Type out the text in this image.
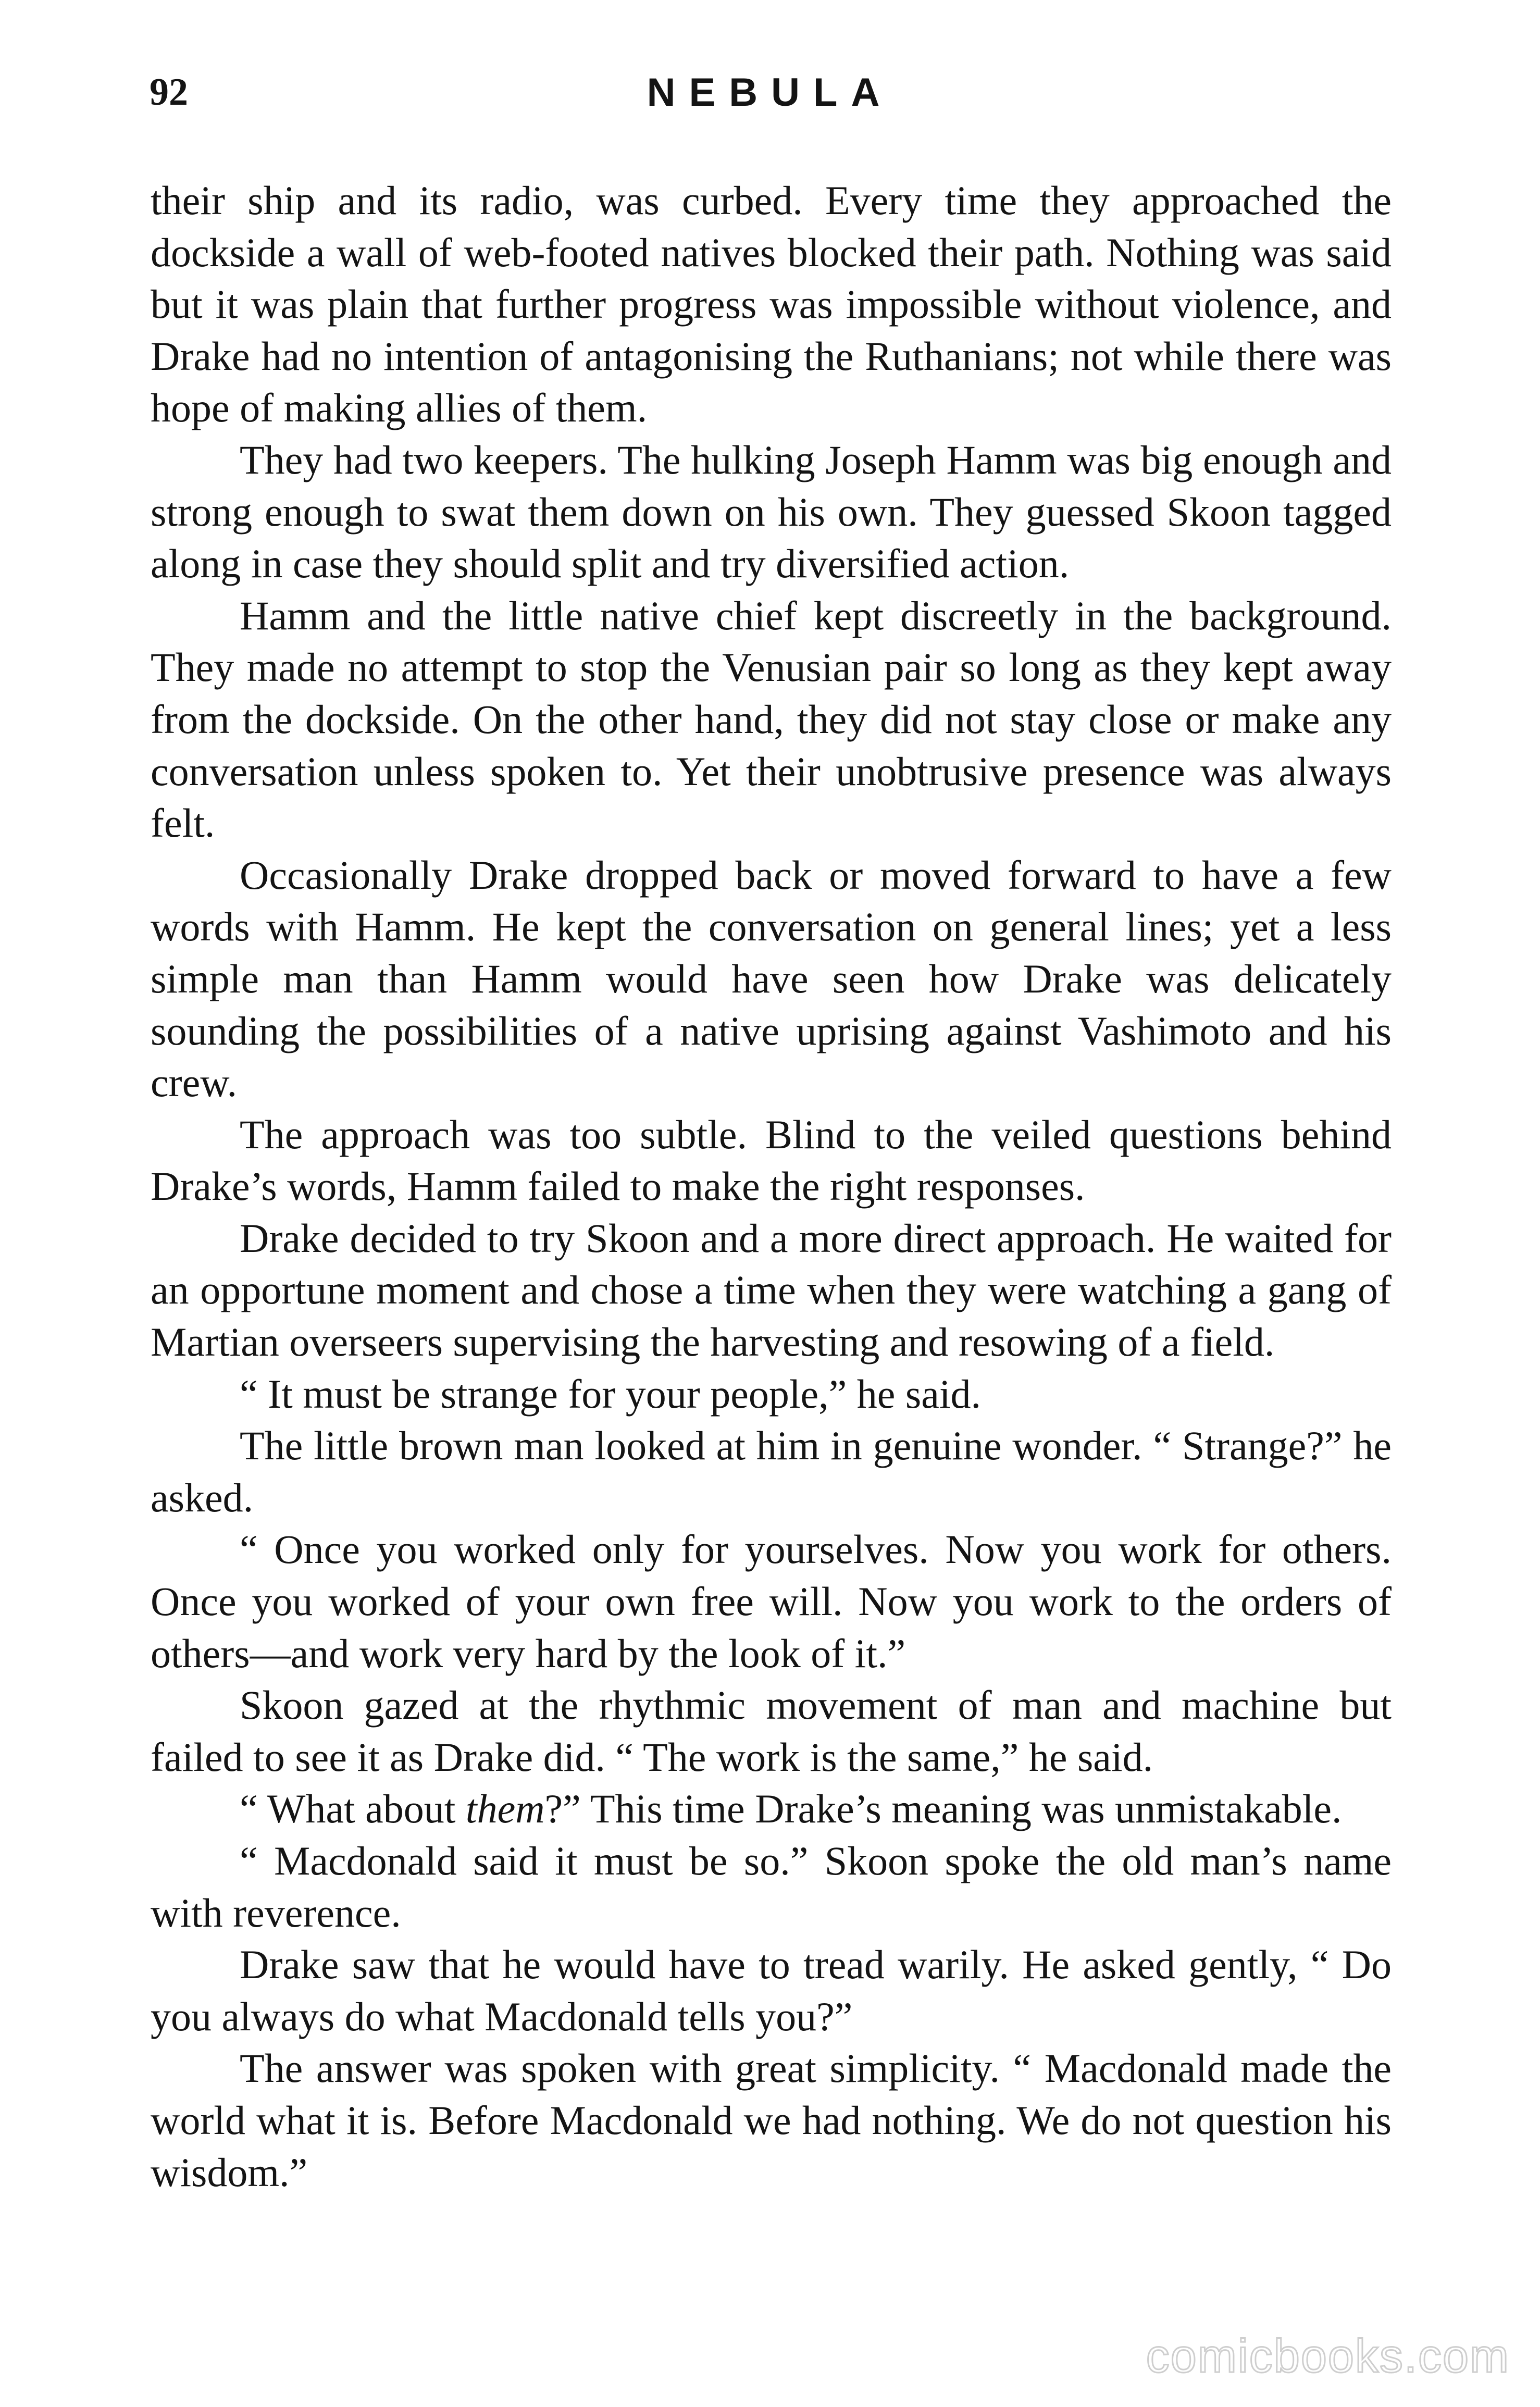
92	NEBULA

their ship and its radio, was curbed. Every time they approached the dockside a wall of web-footed natives blocked their path. Nothing was said but it was plain that further progress was impossible without violence, and Drake had no intention of antagonising the Ruthanians; not while there was hope of making allies of them.

They had two keepers. The hulking Joseph Hamm was big enough and strong enough to swat them down on his own. They guessed Skoon tagged along in case they should split and try diversified action.

Hamm and the little native chief kept discreetly in the background. They made no attempt to stop the Venusian pair so long as they kept away from the dockside. On the other hand, they did not stay close or make any conversation unless spoken to. Yet their unobtrusive presence was always felt.

Occasionally Drake dropped back or moved forward to have a few words with Hamm. He kept the conversation on general lines; yet a less simple man than Hamm would have seen how Drake was delicately sounding the possibilities of a native uprising against Vashimoto and his crew.

The approach was too subtle. Blind to the veiled questions behind Drake’s words, Hamm failed to make the right responses.

Drake decided to try Skoon and a more direct approach. He waited for an opportune moment and chose a time when they were watching a gang of Martian overseers supervising the harvesting and resowing of a field.

“ It must be strange for your people,” he said.

The little brown man looked at him in genuine wonder. “ Strange?” he asked.

“ Once you worked only for yourselves. Now you work for others. Once you worked of your own free will. Now you work to the orders of others—and work very hard by the look of it.”

Skoon gazed at the rhythmic movement of man and machine but failed to see it as Drake did. “ The work is the same,” he said.

“ What about them?” This time Drake’s meaning was unmistakable.

“ Macdonald said it must be so.” Skoon spoke the old man’s name with reverence.

Drake saw that he would have to tread warily. He asked gently, “ Do you always do what Macdonald tells you?”

The answer was spoken with great simplicity. “ Macdonald made the world what it is. Before Macdonald we had nothing. We do not question his wisdom.”

comicbooks.com
